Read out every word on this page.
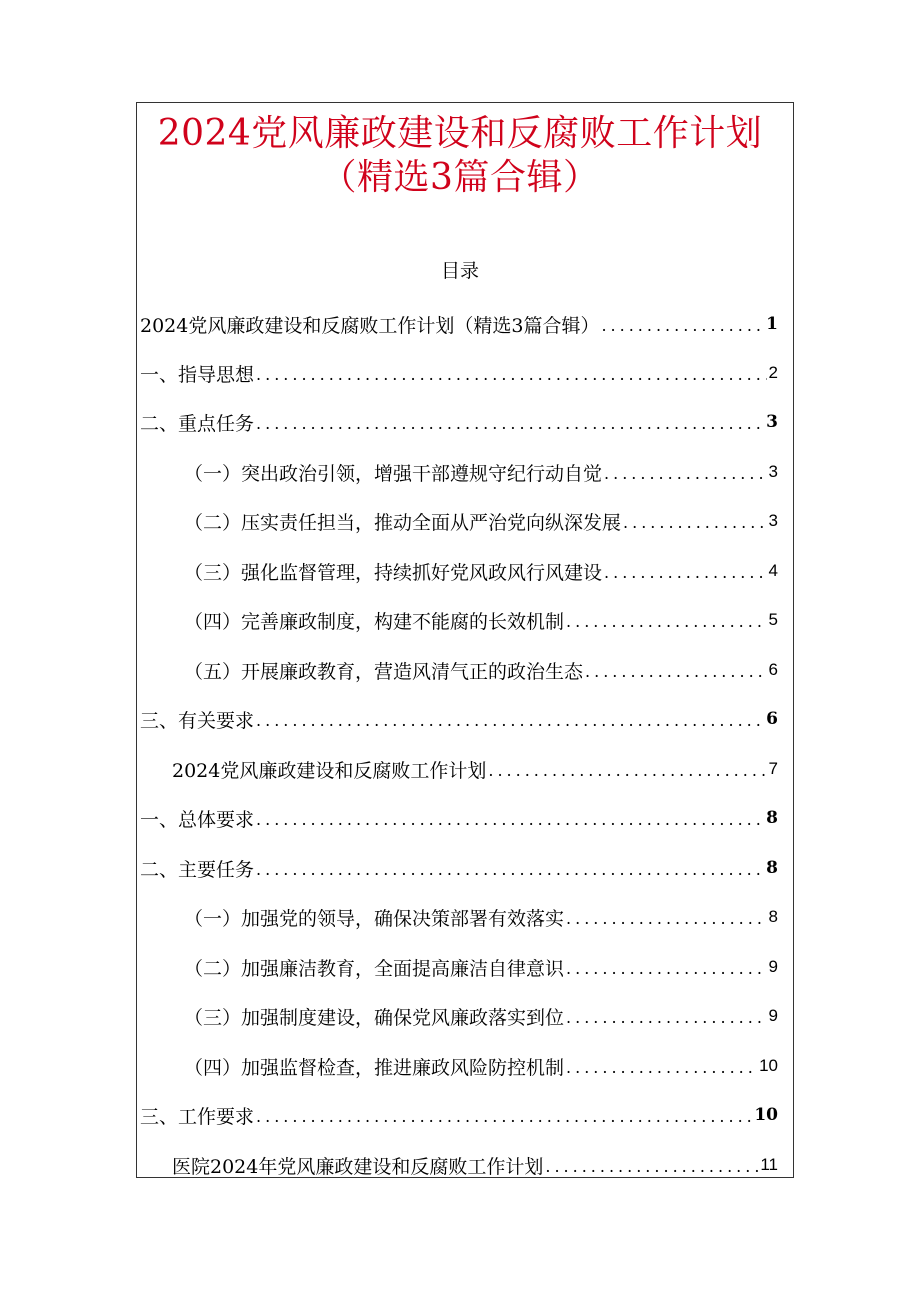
2024党风廉政建设和反腐败工作计划
（精选3篇合辑）
目录
2024党风廉政建设和反腐败工作计划（精选3篇合辑） .....	1
一、指导思想 .....	2
二、重点任务 .....	3
（一）突出政治引领，增强干部遵规守纪行动自觉 .....	3
（二）压实责任担当，推动全面从严治党向纵深发展 .....	3
（三）强化监督管理，持续抓好党风政风行风建设 .....	4
（四）完善廉政制度，构建不能腐的长效机制 .....	5
（五）开展廉政教育，营造风清气正的政治生态 .....	6
三、有关要求 .....	6
2024党风廉政建设和反腐败工作计划 .....	7
一、总体要求 .....	8
二、主要任务 .....	8
（一）加强党的领导，确保决策部署有效落实 .....	8
（二）加强廉洁教育，全面提高廉洁自律意识 .....	9
（三）加强制度建设，确保党风廉政落实到位 .....	9
（四）加强监督检查，推进廉政风险防控机制 .....	10
三、工作要求 .....	10
医院2024年党风廉政建设和反腐败工作计划 .....	11
